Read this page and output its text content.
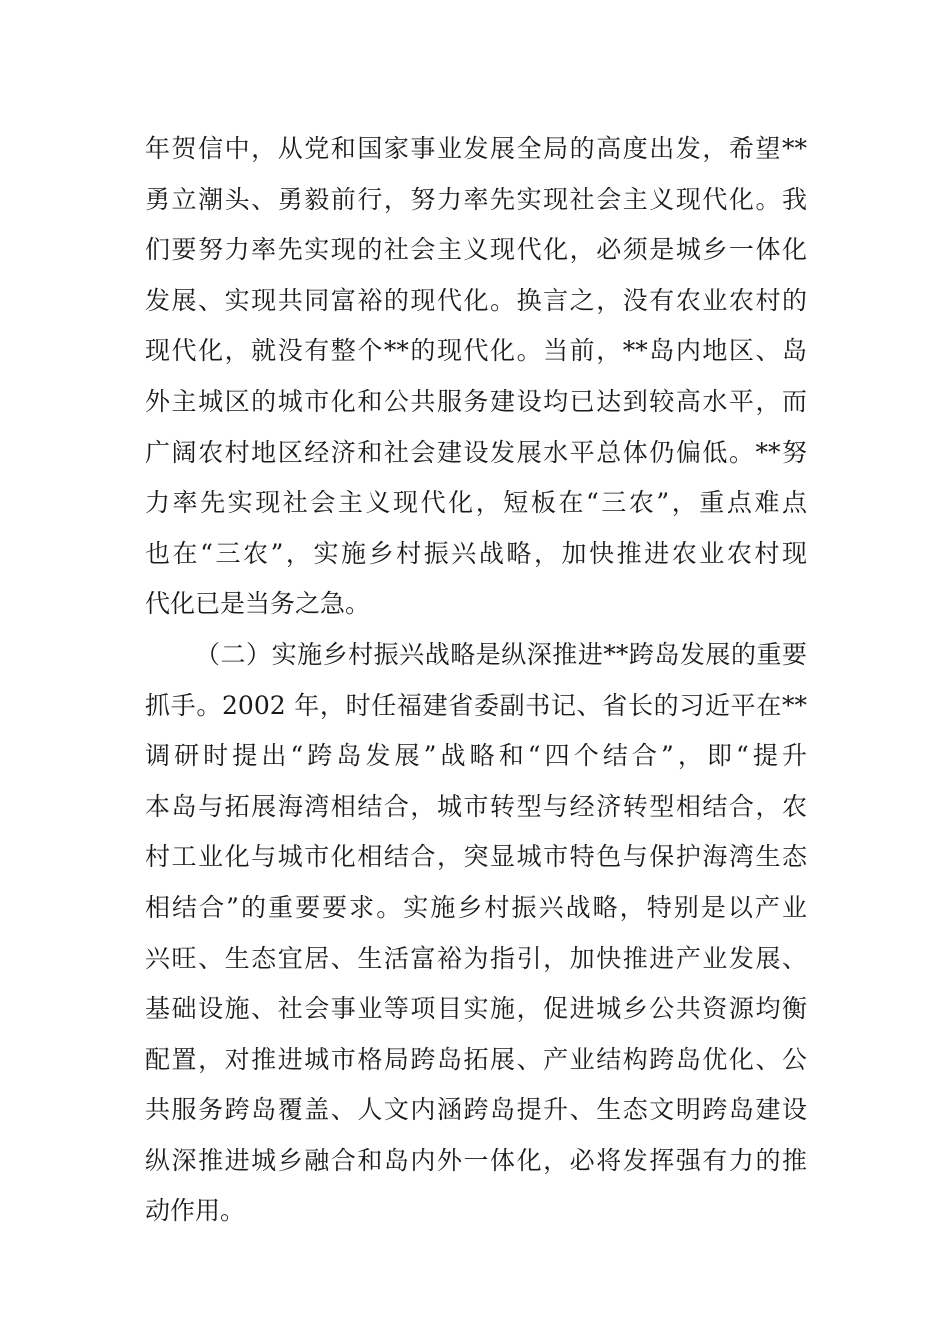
年贺信中，从党和国家事业发展全局的高度出发，希望**
勇立潮头、勇毅前行，努力率先实现社会主义现代化。我
们要努力率先实现的社会主义现代化，必须是城乡一体化
发展、实现共同富裕的现代化。换言之，没有农业农村的
现代化，就没有整个**的现代化。当前，**岛内地区、岛
外主城区的城市化和公共服务建设均已达到较高水平，而
广阔农村地区经济和社会建设发展水平总体仍偏低。**努
力率先实现社会主义现代化，短板在“三农”，重点难点
也在“三农”，实施乡村振兴战略，加快推进农业农村现
代化已是当务之急。
（二）实施乡村振兴战略是纵深推进**跨岛发展的重要
抓手。2002 年，时任福建省委副书记、省长的习近平在**
调研时提出“跨岛发展”战略和“四个结合”，即“提升
本岛与拓展海湾相结合，城市转型与经济转型相结合，农
村工业化与城市化相结合，突显城市特色与保护海湾生态
相结合”的重要要求。实施乡村振兴战略，特别是以产业
兴旺、生态宜居、生活富裕为指引，加快推进产业发展、
基础设施、社会事业等项目实施，促进城乡公共资源均衡
配置，对推进城市格局跨岛拓展、产业结构跨岛优化、公
共服务跨岛覆盖、人文内涵跨岛提升、生态文明跨岛建设
纵深推进城乡融合和岛内外一体化，必将发挥强有力的推
动作用。
